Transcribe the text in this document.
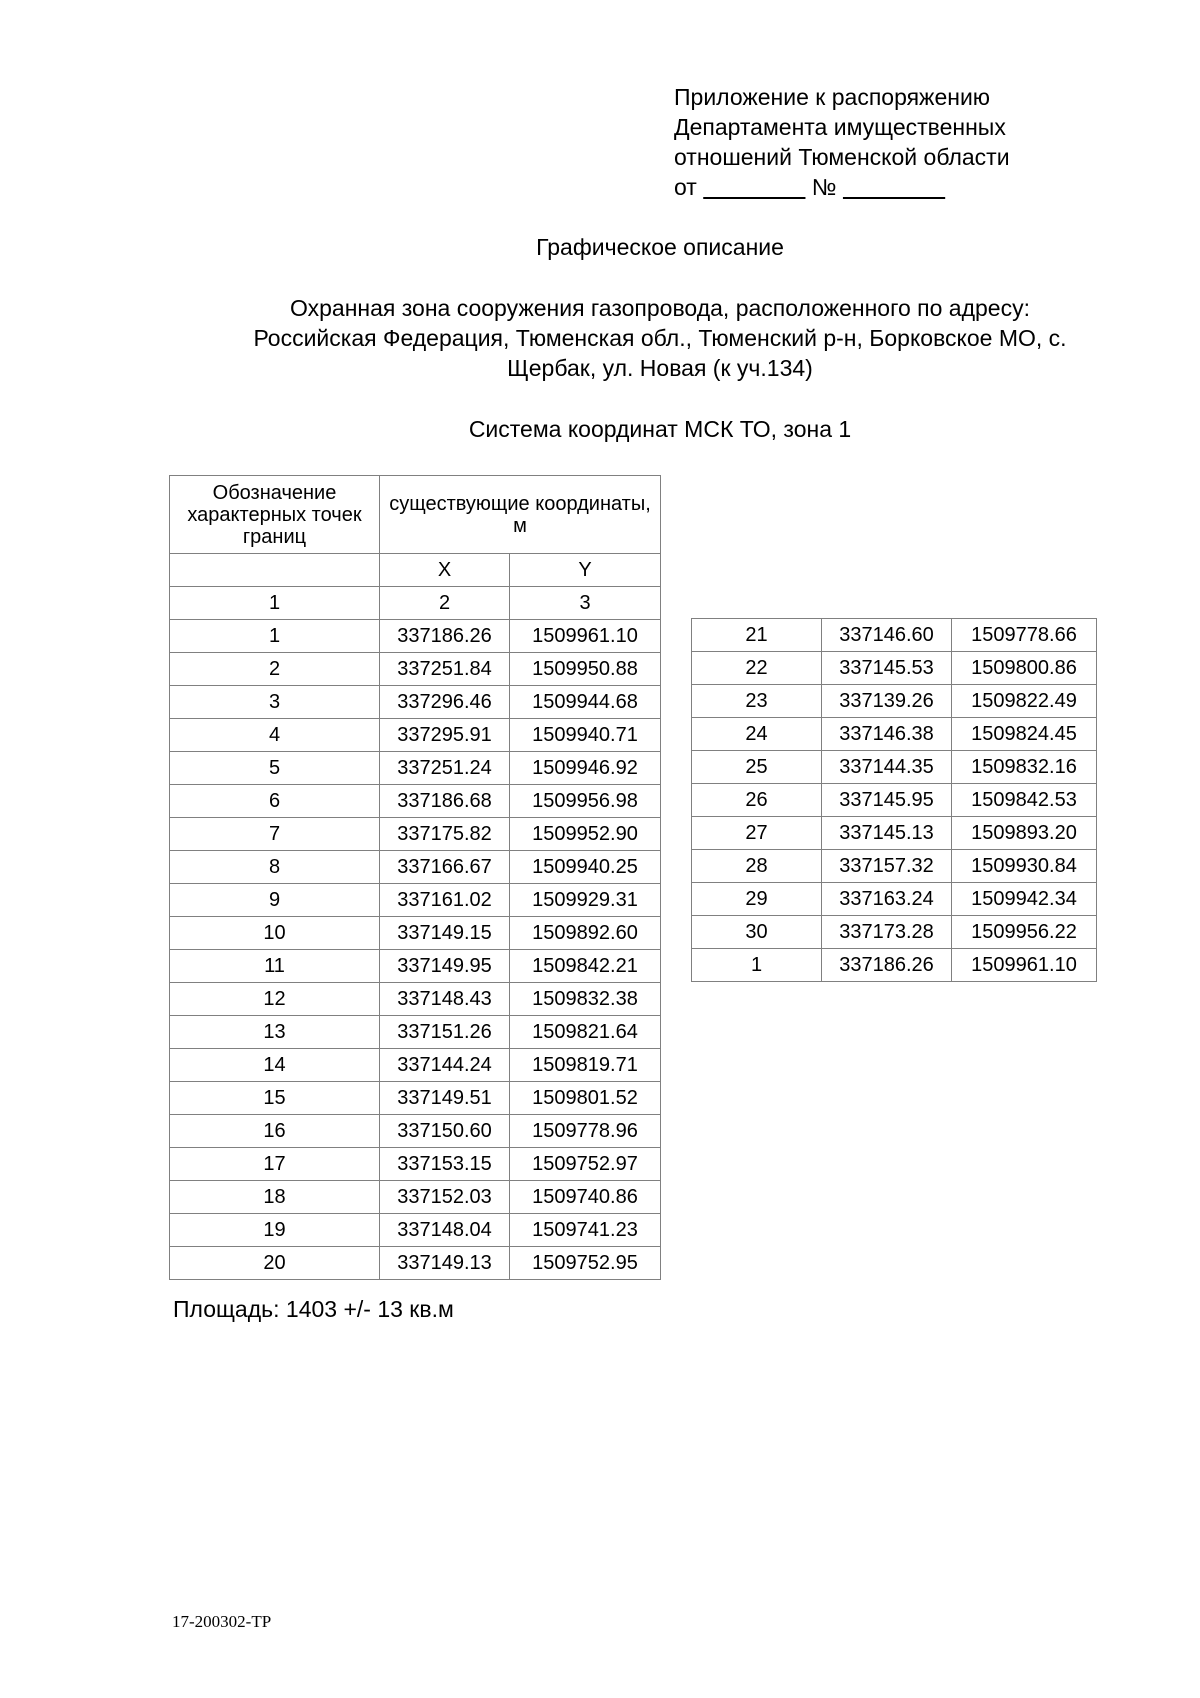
Приложение к распоряжению
Департамента имущественных
отношений Тюменской области
от	№
Графическое описание
Охранная зона сооружения газопровода, расположенного по адресу:
Российская Федерация, Тюменская обл., Тюменский р-н, Борковское МО, с.
Щербак, ул. Новая (к уч.134)
Система координат МСК ТО, зона 1
Обозначение характерных точек границ	существующие координаты, м	
	X	Y
1	2	3
1	337186.26	1509961.10
2	337251.84	1509950.88
3	337296.46	1509944.68
4	337295.91	1509940.71
5	337251.24	1509946.92
6	337186.68	1509956.98
7	337175.82	1509952.90
8	337166.67	1509940.25
9	337161.02	1509929.31
10	337149.15	1509892.60
11	337149.95	1509842.21
12	337148.43	1509832.38
13	337151.26	1509821.64
14	337144.24	1509819.71
15	337149.51	1509801.52
16	337150.60	1509778.96
17	337153.15	1509752.97
18	337152.03	1509740.86
19	337148.04	1509741.23
20	337149.13	1509752.95
21	337146.60	1509778.66
22	337145.53	1509800.86
23	337139.26	1509822.49
24	337146.38	1509824.45
25	337144.35	1509832.16
26	337145.95	1509842.53
27	337145.13	1509893.20
28	337157.32	1509930.84
29	337163.24	1509942.34
30	337173.28	1509956.22
1	337186.26	1509961.10
Площадь: 1403 +/- 13 кв.м
17-200302-ТР
